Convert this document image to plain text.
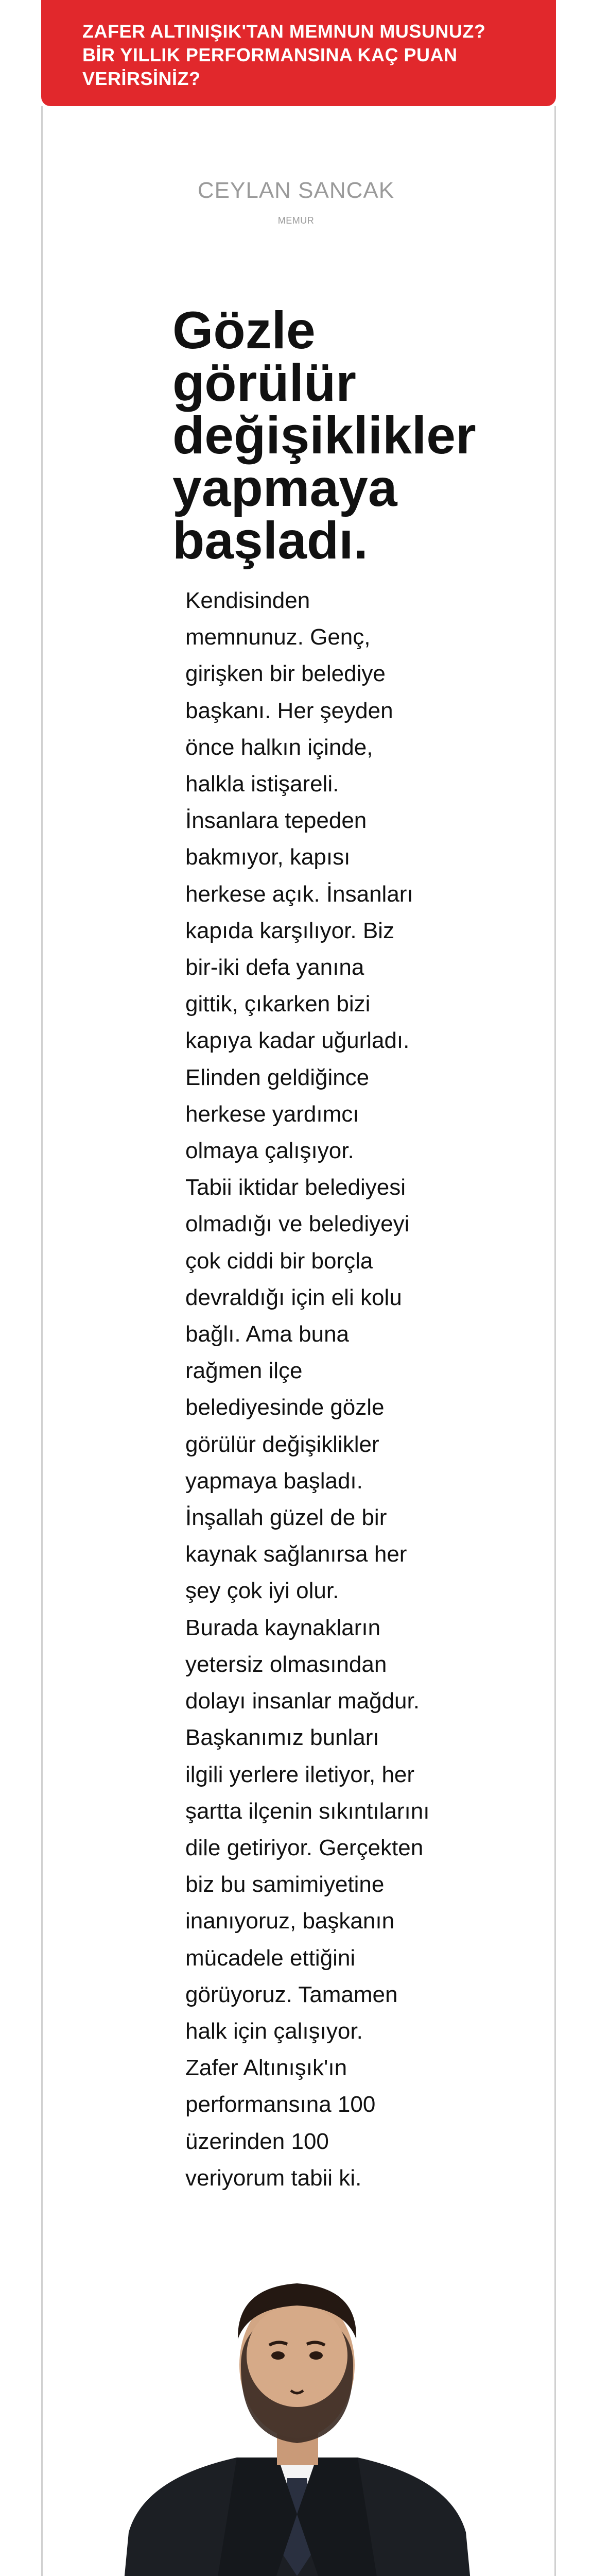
ZAFER ALTINIŞIK'TAN MEMNUN MUSUNUZ?
BİR YILLIK PERFORMANSINA KAÇ PUAN
VERİRSİNİZ?
CEYLAN SANCAK
MEMUR
Gözle
görülür
değişiklikler
yapmaya
başladı.
Kendisinden
memnunuz. Genç,
girişken bir belediye
başkanı. Her şeyden
önce halkın içinde,
halkla istişareli.
İnsanlara tepeden
bakmıyor, kapısı
herkese açık. İnsanları
kapıda karşılıyor. Biz
bir-iki defa yanına
gittik, çıkarken bizi
kapıya kadar uğurladı.
Elinden geldiğince
herkese yardımcı
olmaya çalışıyor.
Tabii iktidar belediyesi
olmadığı ve belediyeyi
çok ciddi bir borçla
devraldığı için eli kolu
bağlı. Ama buna
rağmen ilçe
belediyesinde gözle
görülür değişiklikler
yapmaya başladı.
İnşallah güzel de bir
kaynak sağlanırsa her
şey çok iyi olur.
Burada kaynakların
yetersiz olmasından
dolayı insanlar mağdur.
Başkanımız bunları
ilgili yerlere iletiyor, her
şartta ilçenin sıkıntılarını
dile getiriyor. Gerçekten
biz bu samimiyetine
inanıyoruz, başkanın
mücadele ettiğini
görüyoruz. Tamamen
halk için çalışıyor.
Zafer Altınışık'ın
performansına 100
üzerinden 100
veriyorum tabii ki.
